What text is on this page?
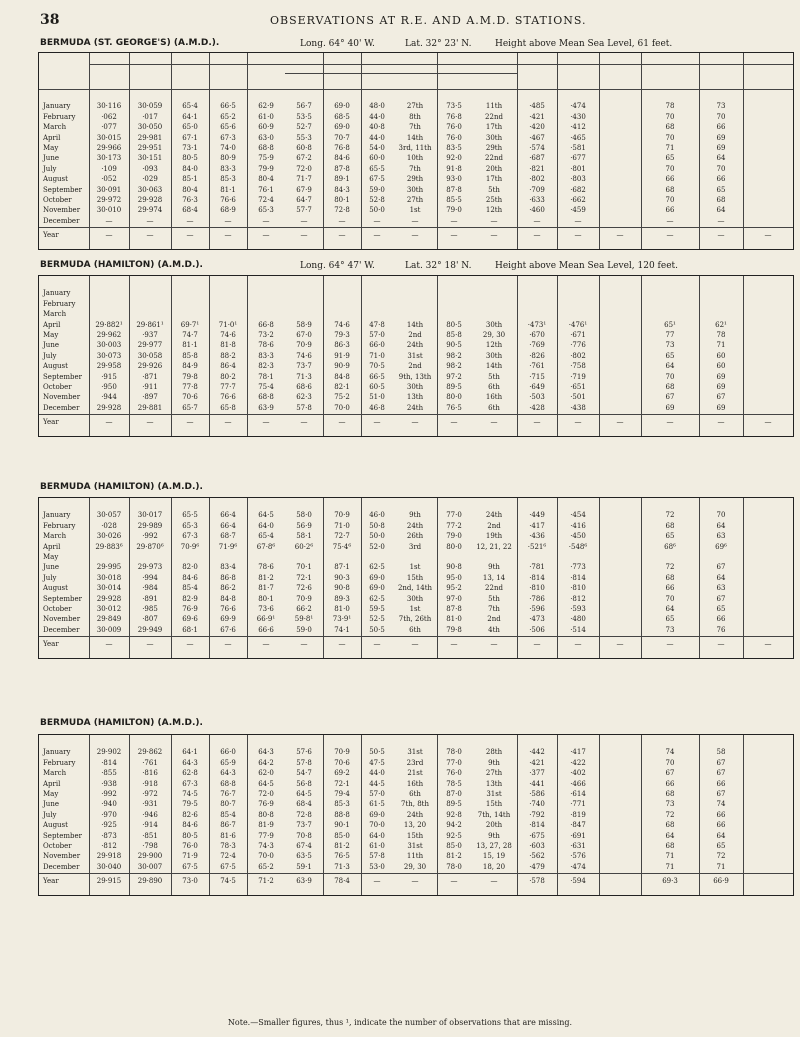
38	OBSERVATIONS AT R.E. AND A.M.D. STATIONS.
BERMUDA (ST. GEORGE'S) (A.M.D.).	Long. 64° 40' W.	Lat. 32° 23' N.	Height above Mean Sea Level, 61 feet.
January	30·116	30·059	65·4	66·5	62·9	56·7	69·0	48·0	27th	73·5	11th	·485	·474	78	73
February	·062	·017	64·1	65·2	61·0	53·5	68·5	44·0	8th	76·8	22nd	·421	·430	70	70
March	·077	30·050	65·0	65·6	60·9	52·7	69·0	40·8	7th	76·0	17th	·420	·412	68	66
April	30·015	29·981	67·1	67·3	63·0	55·3	70·7	44·0	14th	76·0	30th	·467	·465	70	69
May	29·966	29·951	73·1	74·0	68·8	60·8	76·8	54·0	3rd, 11th	83·5	29th	·574	·581	71	69
June	30·173	30·151	80·5	80·9	75·9	67·2	84·6	60·0	10th	92·0	22nd	·687	·677	65	64
July	·109	·093	84·0	83·3	79·9	72·0	87·8	65·5	7th	91·8	20th	·821	·801	70	70
August	·052	·029	85·1	85·3	80·4	71·7	89·1	67·5	29th	93·0	17th	·802	·803	66	66
September	30·091	30·063	80·4	81·1	76·1	67·9	84·3	59·0	30th	87·8	5th	·709	·682	68	65
October	29·972	29·928	76·3	76·6	72·4	64·7	80·1	52·8	27th	85·5	25th	·633	·662	70	68
November	30·010	29·974	68·4	68·9	65·3	57·7	72·8	50·0	1st	79·0	12th	·460	·459	66	64
December	—	—	—	—	—	—	—	—	—	—	—	—	—	—	—
Year	—	—	—	—	—	—	—	—	—	—	—	—	—	—	—	—	—
BERMUDA (HAMILTON) (A.M.D.).	Long. 64° 47' W.	Lat. 32° 18' N.	Height above Mean Sea Level, 120 feet.
January
February
March
April	29·882¹	29·861¹	69·7¹	71·0¹	66·8	58·9	74·6	47·8	14th	80·5	30th	·473¹	·476¹	65¹	62¹
May	29·962	·937	74·7	74·6	73·2	67·0	79·3	57·0	2nd	85·8	29, 30	·670	·671	77	78
June	30·003	29·977	81·1	81·8	78·6	70·9	86·3	66·0	24th	90·5	12th	·769	·776	73	71
July	30·073	30·058	85·8	88·2	83·3	74·6	91·9	71·0	31st	98·2	30th	·826	·802	65	60
August	29·958	29·926	84·9	86·4	82·3	73·7	90·9	70·5	2nd	98·2	14th	·761	·758	64	60
September	·915	·871	79·8	80·2	78·1	71·3	84·8	66·5	9th, 13th	97·2	5th	·715	·719	70	69
October	·950	·911	77·8	77·7	75·4	68·6	82·1	60·5	30th	89·5	6th	·649	·651	68	69
November	·944	·897	70·6	76·6	68·8	62·3	75·2	51·0	13th	80·0	16th	·503	·501	67	67
December	29·928	29·881	65·7	65·8	63·9	57·8	70·0	46·8	24th	76·5	6th	·428	·438	69	69
Year	—	—	—	—	—	—	—	—	—	—	—	—	—	—	—	—	—
BERMUDA (HAMILTON) (A.M.D.).
January	30·057	30·017	65·5	66·4	64·5	58·0	70·9	46·0	9th	77·0	24th	·449	·454	72	70
February	·028	29·989	65·3	66·4	64·0	56·9	71·0	50·8	24th	77·2	2nd	·417	·416	68	64
March	30·026	·992	67·3	68·7	65·4	58·1	72·7	50·0	26th	79·0	19th	·436	·450	65	63
April	29·883⁶	29·870⁶	70·9⁶	71·9⁶	67·8⁶	60·2⁶	75·4⁶	52·0	3rd	80·0	12, 21, 22	·521⁶	·548⁶	68⁶	69⁶
May
June	29·995	29·973	82·0	83·4	78·6	70·1	87·1	62·5	1st	90·8	9th	·781	·773	72	67
July	30·018	·994	84·6	86·8	81·2	72·1	90·3	69·0	15th	95·0	13, 14	·814	·814	68	64
August	30·014	·984	85·4	86·2	81·7	72·6	90·8	69·0	2nd, 14th	95·2	22nd	·810	·810	66	63
September	29·928	·891	82·9	84·8	80·1	70·9	89·3	62·5	30th	97·0	5th	·786	·812	70	67
October	30·012	·985	76·9	76·6	73·6	66·2	81·0	59·5	1st	87·8	7th	·596	·593	64	65
November	29·849	·807	69·6	69·9	66·9¹	59·8¹	73·9¹	52·5	7th, 26th	81·0	2nd	·473	·480	65	66
December	30·009	29·949	68·1	67·6	66·6	59·0	74·1	50·5	6th	79·8	4th	·506	·514	73	76
Year	—	—	—	—	—	—	—	—	—	—	—	—	—	—	—	—	—
BERMUDA (HAMILTON) (A.M.D.).
January	29·902	29·862	64·1	66·0	64·3	57·6	70·9	50·5	31st	78·0	28th	·442	·417	74	58
February	·814	·761	64·3	65·9	64·2	57·8	70·6	47·5	23rd	77·0	9th	·421	·422	70	67
March	·855	·816	62·8	64·3	62·0	54·7	69·2	44·0	21st	76·0	27th	·377	·402	67	67
April	·938	·918	67·3	68·8	64·5	56·8	72·1	44·5	16th	78·5	13th	·441	·466	66	66
May	·992	·972	74·5	76·7	72·0	64·5	79·4	57·0	6th	87·0	31st	·586	·614	68	67
June	·940	·931	79·5	80·7	76·9	68·4	85·3	61·5	7th, 8th	89·5	15th	·740	·771	73	74
July	·970	·946	82·6	85·4	80·8	72·8	88·8	69·0	24th	92·8	7th, 14th	·792	·819	72	66
August	·925	·914	84·6	86·7	81·9	73·7	90·1	70·0	13, 20	94·2	20th	·814	·847	68	66
September	·873	·851	80·5	81·6	77·9	70·8	85·0	64·0	15th	92·5	9th	·675	·691	64	64
October	·812	·798	76·0	78·3	74·3	67·4	81·2	61·0	31st	85·0	13, 27, 28	·603	·631	68	65
November	29·918	29·900	71·9	72·4	70·0	63·5	76·5	57·8	11th	81·2	15, 19	·562	·576	71	72
December	30·040	30·007	67·5	67·5	65·2	59·1	71·3	53·0	29, 30	78·0	18, 20	·479	·474	71	71
Year	29·915	29·890	73·0	74·5	71·2	63·9	78·4	—	—	—	—	·578	·594	69·3	66·9
Note.—Smaller figures, thus ¹, indicate the number of observations that are missing.
